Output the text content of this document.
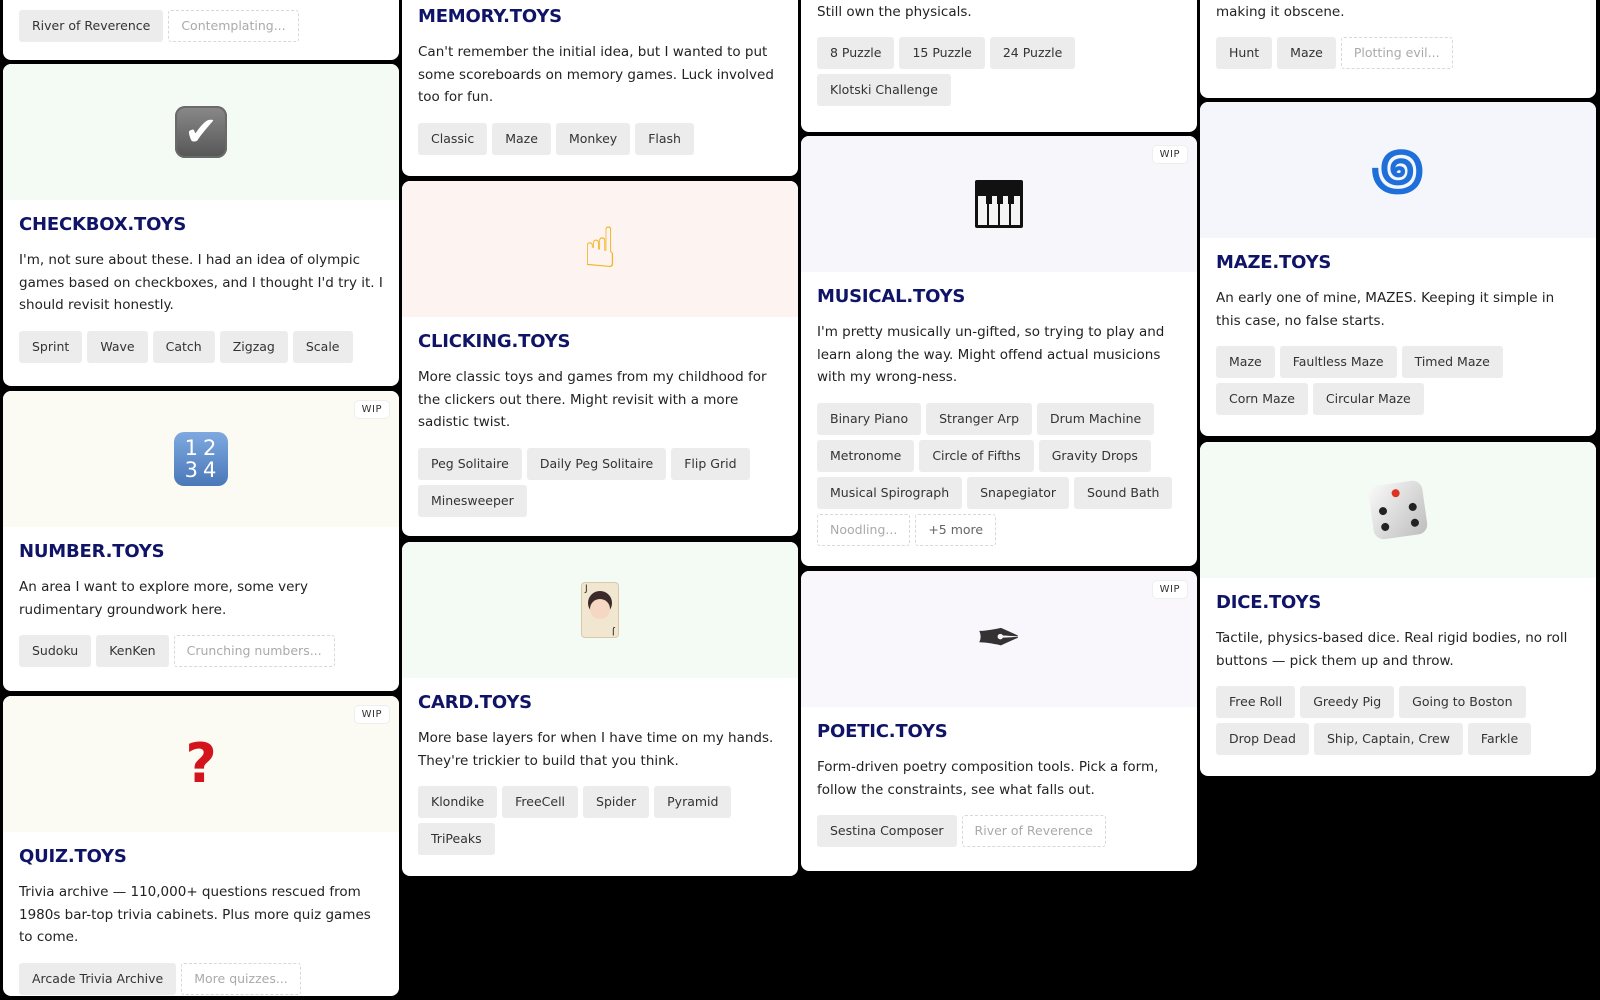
River of Reverence	Contemplating...
✔
CHECKBOX.TOYS

I'm, not sure about these. I had an idea of olympic games based on checkboxes, and I thought I'd try it. I should revisit honestly.

Sprint	Wave	Catch	Zigzag	Scale
WIP
12
34
NUMBER.TOYS

An area I want to explore more, some very rudimentary groundwork here.

Sudoku	KenKen	Crunching numbers...
WIP
?
QUIZ.TOYS

Trivia archive — 110,000+ questions rescued from 1980s bar-top trivia cabinets. Plus more quiz games to come.

Arcade Trivia Archive	More quizzes...
MEMORY.TOYS

Can't remember the initial idea, but I wanted to put some scoreboards on memory games. Luck involved too for fun.

Classic	Maze	Monkey	Flash
☝
CLICKING.TOYS

More classic toys and games from my childhood for the clickers out there. Might revisit with a more sadistic twist.

Peg Solitaire	Daily Peg Solitaire	Flip Grid
Minesweeper
J
J
CARD.TOYS

More base layers for when I have time on my hands. They're trickier to build that you think.

Klondike	FreeCell	Spider	Pyramid
TriPeaks

Still own the physicals.

8 Puzzle	15 Puzzle	24 Puzzle
Klotski Challenge
WIP
MUSICAL.TOYS

I'm pretty musically un-gifted, so trying to play and learn along the way. Might offend actual musicions with my wrong-ness.

Binary Piano	Stranger Arp	Drum Machine
Metronome	Circle of Fifths	Gravity Drops
Musical Spirograph	Snapegiator	Sound Bath
Noodling...	+5 more
WIP
✒
POETIC.TOYS

Form-driven poetry composition tools. Pick a form, follow the constraints, see what falls out.

Sestina Composer	River of Reverence

making it obscene.

Hunt	Maze	Plotting evil...
꩜
MAZE.TOYS

An early one of mine, MAZES. Keeping it simple in this case, no false starts.

Maze	Faultless Maze	Timed Maze
Corn Maze	Circular Maze
DICE.TOYS

Tactile, physics-based dice. Real rigid bodies, no roll buttons — pick them up and throw.

Free Roll	Greedy Pig	Going to Boston
Drop Dead	Ship, Captain, Crew	Farkle
